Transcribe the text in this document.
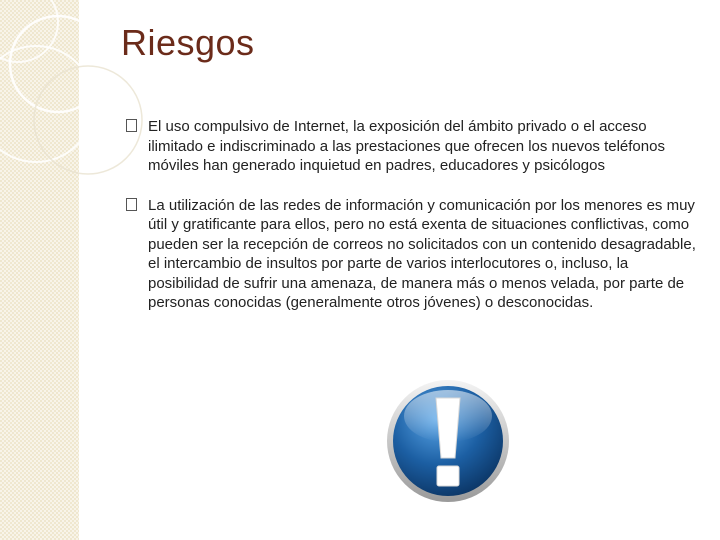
Riesgos
El uso compulsivo de Internet, la exposición del ámbito privado o el acceso ilimitado e indiscriminado a las prestaciones que ofrecen los nuevos teléfonos móviles han generado inquietud en padres, educadores y psicólogos
La utilización de las redes de información y comunicación por los menores es muy útil y gratificante para ellos, pero no está exenta de situaciones conflictivas, como pueden ser la recepción de correos no solicitados con un contenido desagradable, el intercambio de insultos por parte de varios interlocutores o, incluso, la posibilidad de sufrir una amenaza, de manera más o menos velada, por parte de personas conocidas (generalmente otros jóvenes) o desconocidas.
